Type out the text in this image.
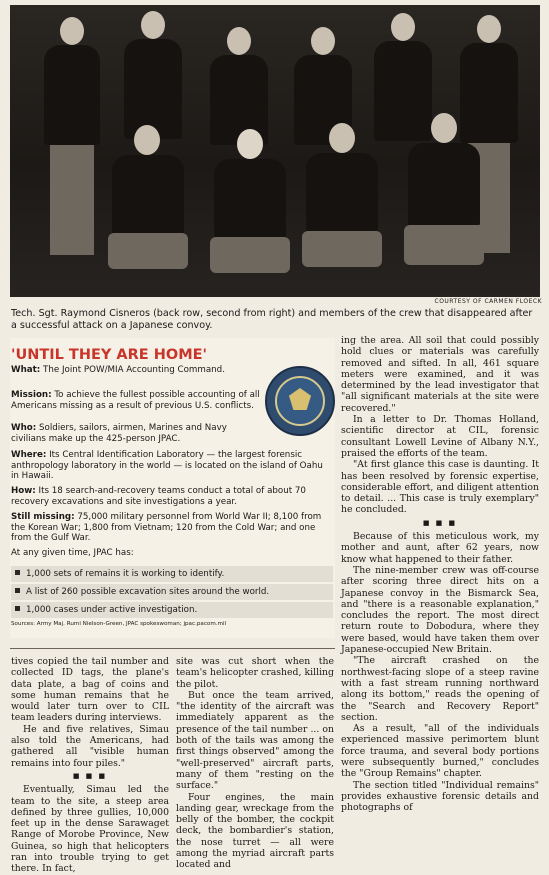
COURTESY OF CARMEN FLOECK
Tech. Sgt. Raymond Cisneros (back row, second from right) and members of the crew that disappeared after a successful attack on a Japanese convoy.
'UNTIL THEY ARE HOME'
What: The Joint POW/MIA Accounting Command.
Mission: To achieve the fullest possible accounting of all Americans missing as a result of previous U.S. conflicts.
Who: Soldiers, sailors, airmen, Marines and Navy civilians make up the 425-person JPAC.
Where: Its Central Identification Laboratory — the largest forensic anthropology laboratory in the world — is located on the island of Oahu in Hawaii.
How: Its 18 search-and-recovery teams conduct a total of about 70 recovery excavations and site investigations a year.
Still missing: 75,000 military personnel from World War II; 8,100 from the Korean War; 1,800 from Vietnam; 120 from the Cold War; and one from the Gulf War.
At any given time, JPAC has:
1,000 sets of remains it is working to identify.
A list of 260 possible excavation sites around the world.
1,000 cases under active investigation.
Sources: Army Maj. Rumi Nielson-Green, JPAC spokeswoman; jpac.pacom.mil

ing the area. All soil that could possibly hold clues or materials was carefully removed and sifted. In all, 461 square meters were examined, and it was determined by the lead investigator that "all significant materials at the site were recovered."

In a letter to Dr. Thomas Holland, scientific director at CIL, forensic consultant Lowell Levine of Albany N.Y., praised the efforts of the team.

"At first glance this case is daunting. It has been resolved by forensic expertise, considerable effort, and diligent attention to detail. ... This case is truly exemplary" he concluded.

■ ■ ■

Because of this meticulous work, my mother and aunt, after 62 years, now know what happened to their father.

The nine-member crew was off-course after scoring three direct hits on a Japanese convoy in the Bismarck Sea, and "there is a reasonable explanation," concludes the report. The most direct return route to Dobodura, where they were based, would have taken them over Japanese-occupied New Britain.

"The aircraft crashed on the northwest-facing slope of a steep ravine with a fast stream running northward along its bottom," reads the opening of the "Search and Recovery Report" section.

As a result, "all of the individuals experienced massive perimortem blunt force trauma, and several body portions were subsequently burned," concludes the "Group Remains" chapter.

The section titled "Individual remains" provides exhaustive forensic details and photographs of

tives copied the tail number and collected ID tags, the plane's data plate, a bag of coins and some human remains that he would later turn over to CIL team leaders during interviews.

He and five relatives, Simau also told the Americans, had gathered all "visible human remains into four piles."

■ ■ ■

Eventually, Simau led the team to the site, a steep area defined by three gullies, 10,000 feet up in the dense Sarawaget Range of Morobe Province, New Guinea, so high that helicopters ran into trouble trying to get there. In fact,

site was cut short when the team's helicopter crashed, killing the pilot.

But once the team arrived, "the identity of the aircraft was immediately apparent as the presence of the tail number ... on both of the tails was among the first things observed" among the "well-preserved" aircraft parts, many of them "resting on the surface."

Four engines, the main landing gear, wreckage from the belly of the bomber, the cockpit deck, the bombardier's station, the nose turret — all were among the myriad aircraft parts located and
